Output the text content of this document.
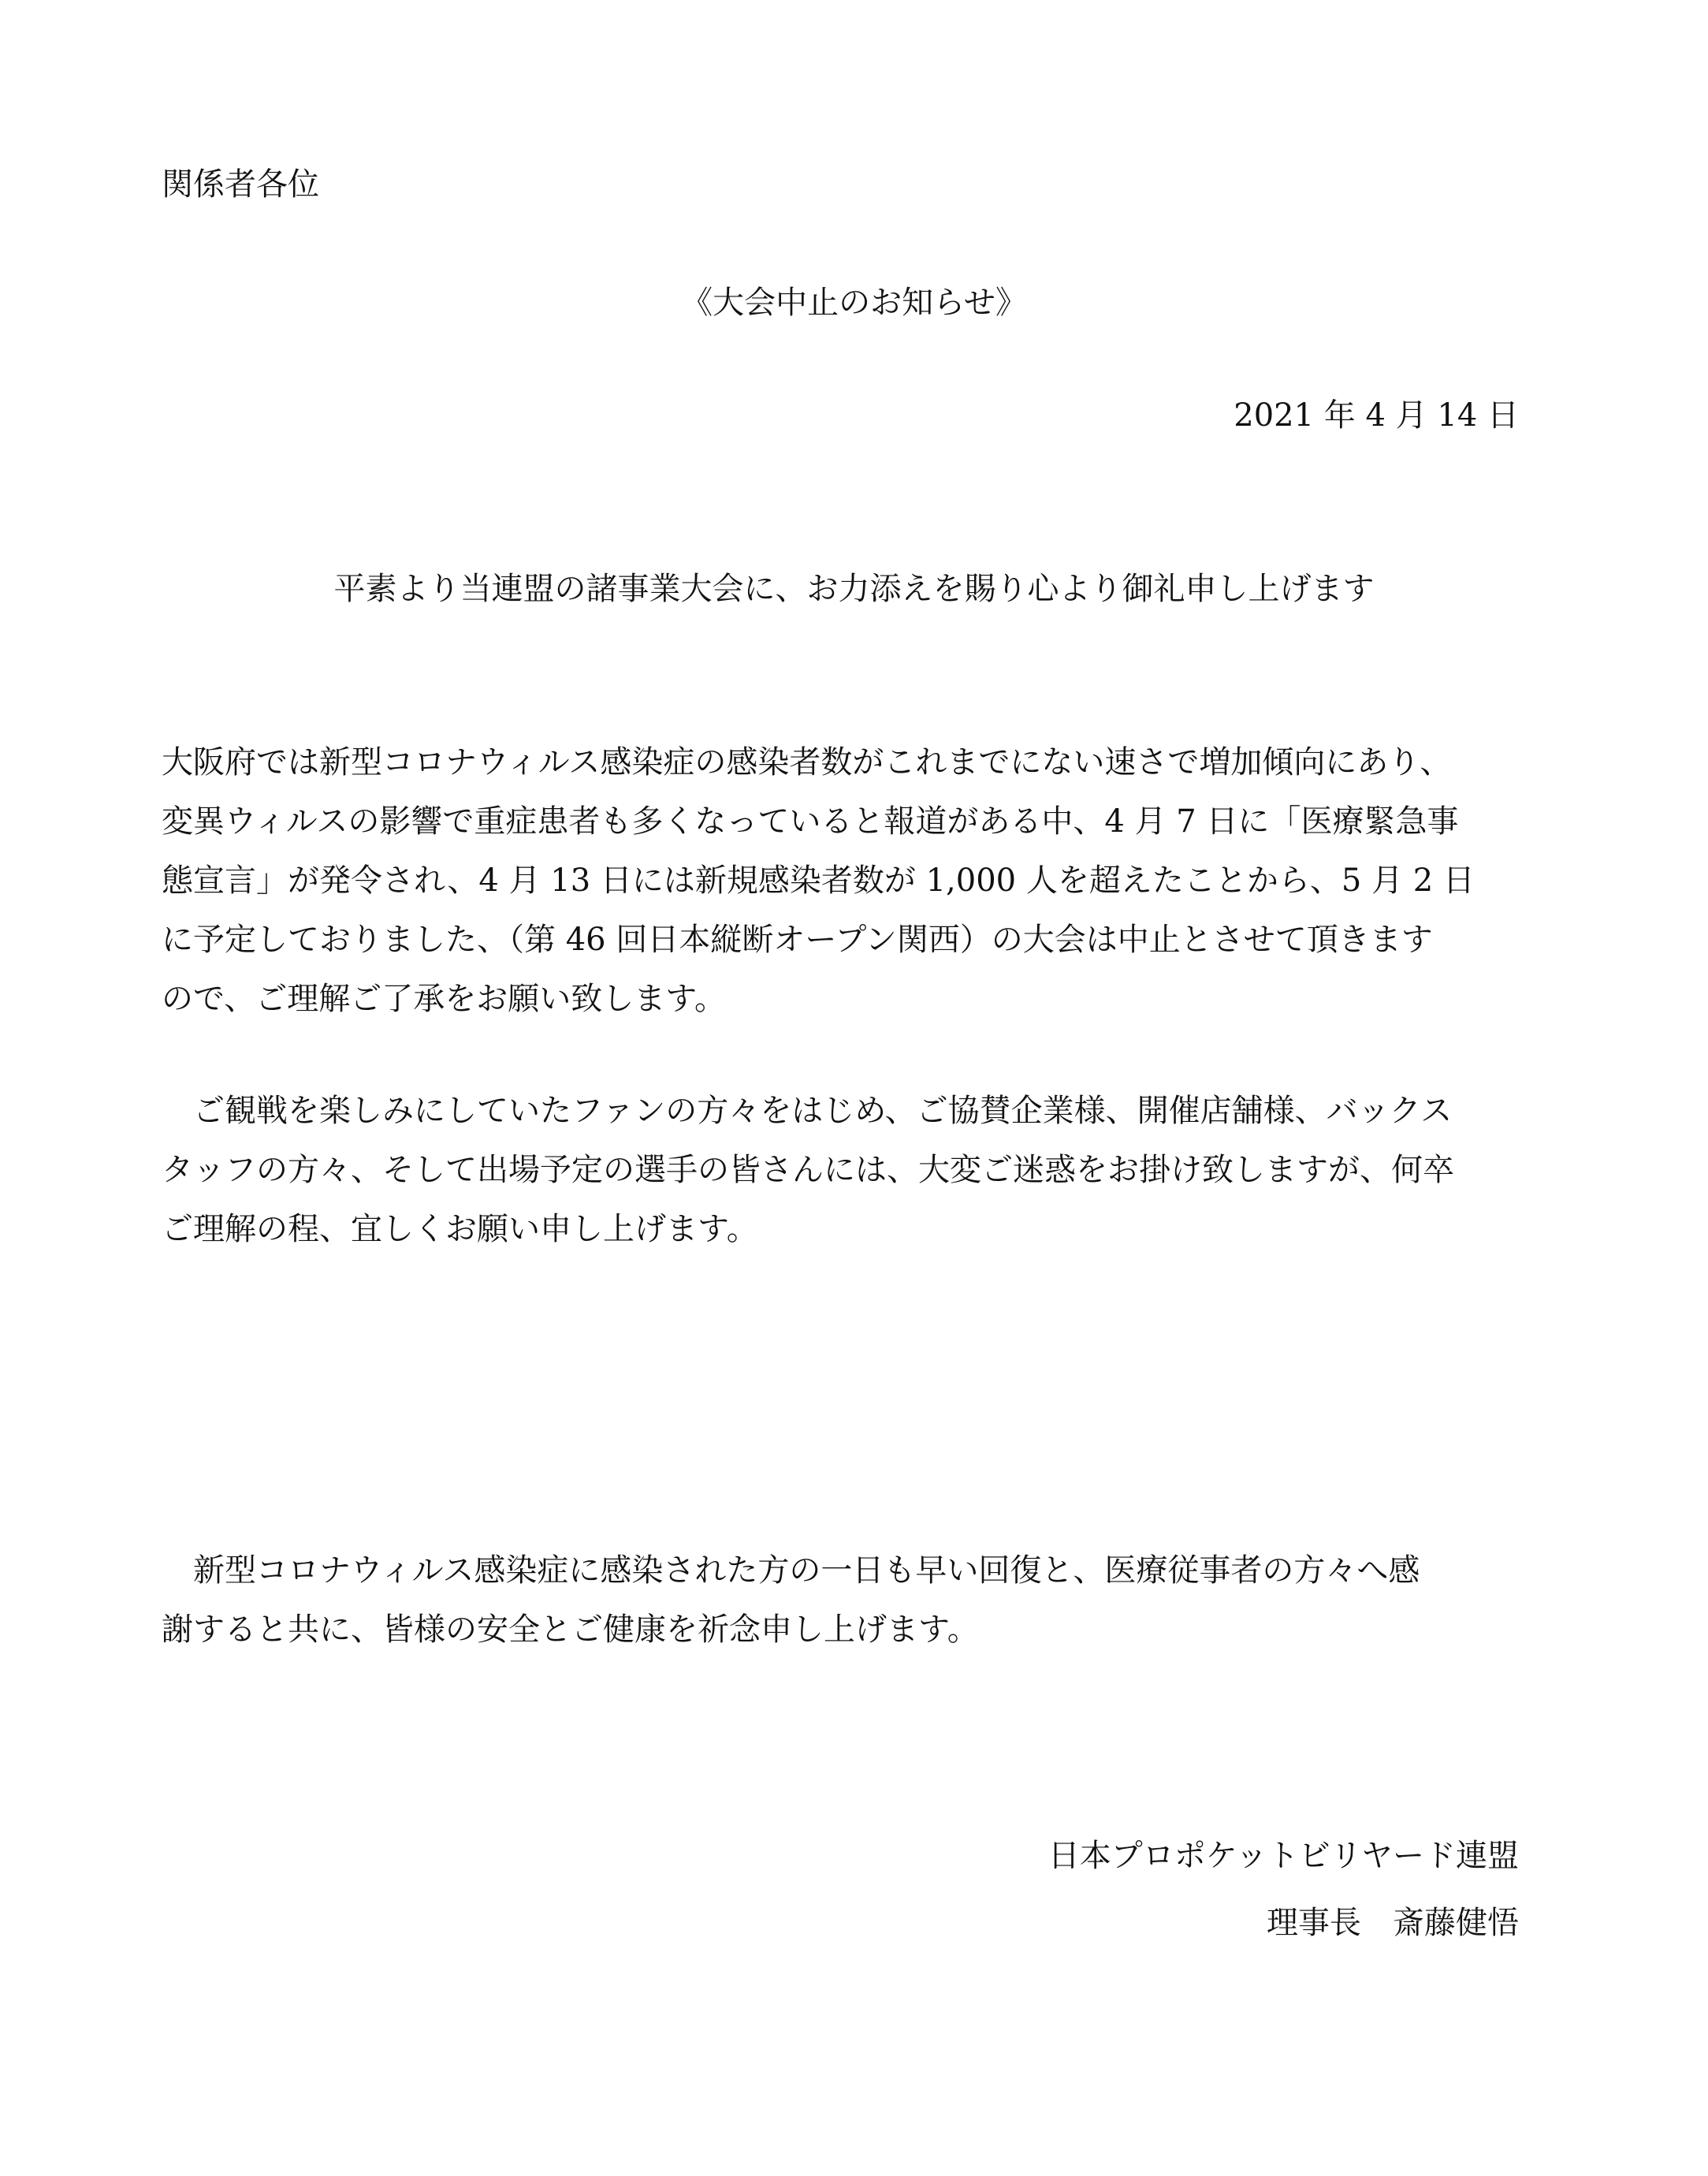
関係者各位

《大会中止のお知らせ》

2021 年 4 月 14 日

平素より当連盟の諸事業大会に、お力添えを賜り心より御礼申し上げます

大阪府では新型コロナウィルス感染症の感染者数がこれまでにない速さで増加傾向にあり、
変異ウィルスの影響で重症患者も多くなっていると報道がある中、4 月 7 日に「医療緊急事
態宣言」が発令され、4 月 13 日には新規感染者数が 1,000 人を超えたことから、5 月 2 日
に予定しておりました、（第 46 回日本縦断オープン関西）の大会は中止とさせて頂きます
ので、ご理解ご了承をお願い致します。
　ご観戦を楽しみにしていたファンの方々をはじめ、ご協賛企業様、開催店舗様、バックス
タッフの方々、そして出場予定の選手の皆さんには、大変ご迷惑をお掛け致しますが、何卒
ご理解の程、宜しくお願い申し上げます。
　新型コロナウィルス感染症に感染された方の一日も早い回復と、医療従事者の方々へ感
謝すると共に、皆様の安全とご健康を祈念申し上げます。

日本プロポケットビリヤード連盟

理事長　斎藤健悟
